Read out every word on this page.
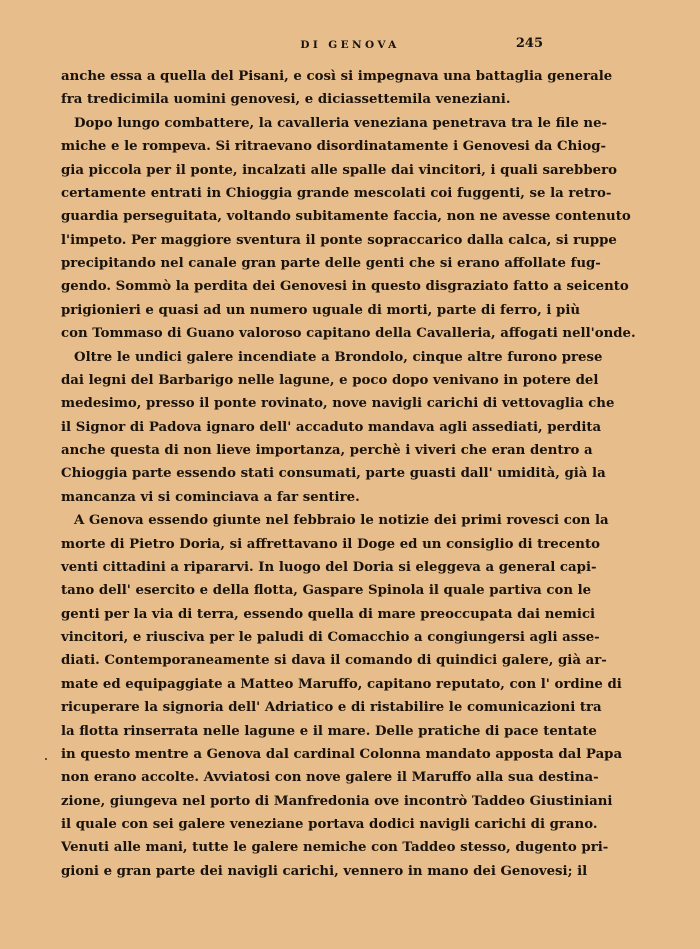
DI GENOVA	245
anche essa a quella del Pisani, e così si impegnava una battaglia generale
fra tredicimila uomini genovesi, e diciassettemila veneziani.
Dopo lungo combattere, la cavalleria veneziana penetrava tra le file ne-
miche e le rompeva. Si ritraevano disordinatamente i Genovesi da Chiog-
gia piccola per il ponte, incalzati alle spalle dai vincitori, i quali sarebbero
certamente entrati in Chioggia grande mescolati coi fuggenti, se la retro-
guardia perseguitata, voltando subitamente faccia, non ne avesse contenuto
l'impeto. Per maggiore sventura il ponte sopraccarico dalla calca, si ruppe
precipitando nel canale gran parte delle genti che si erano affollate fug-
gendo. Sommò la perdita dei Genovesi in questo disgraziato fatto a seicento
prigionieri e quasi ad un numero uguale di morti, parte di ferro, i più
con Tommaso di Guano valoroso capitano della Cavalleria, affogati nell'onde.
Oltre le undici galere incendiate a Brondolo, cinque altre furono prese
dai legni del Barbarigo nelle lagune, e poco dopo venivano in potere del
medesimo, presso il ponte rovinato, nove navigli carichi di vettovaglia che
il Signor di Padova ignaro dell' accaduto mandava agli assediati, perdita
anche questa di non lieve importanza, perchè i viveri che eran dentro a
Chioggia parte essendo stati consumati, parte guasti dall' umidità, già la
mancanza vi si cominciava a far sentire.
A Genova essendo giunte nel febbraio le notizie dei primi rovesci con la
morte di Pietro Doria, si affrettavano il Doge ed un consiglio di trecento
venti cittadini a ripararvi. In luogo del Doria si eleggeva a general capi-
tano dell' esercito e della flotta, Gaspare Spinola il quale partiva con le
genti per la via di terra, essendo quella di mare preoccupata dai nemici
vincitori, e riusciva per le paludi di Comacchio a congiungersi agli asse-
diati. Contemporaneamente si dava il comando di quindici galere, già ar-
mate ed equipaggiate a Matteo Maruffo, capitano reputato, con l' ordine di
ricuperare la signoria dell' Adriatico e di ristabilire le comunicazioni tra
la flotta rinserrata nelle lagune e il mare. Delle pratiche di pace tentate
in questo mentre a Genova dal cardinal Colonna mandato apposta dal Papa
non erano accolte. Avviatosi con nove galere il Maruffo alla sua destina-
zione, giungeva nel porto di Manfredonia ove incontrò Taddeo Giustiniani
il quale con sei galere veneziane portava dodici navigli carichi di grano.
Venuti alle mani, tutte le galere nemiche con Taddeo stesso, dugento pri-
gioni e gran parte dei navigli carichi, vennero in mano dei Genovesi; il
